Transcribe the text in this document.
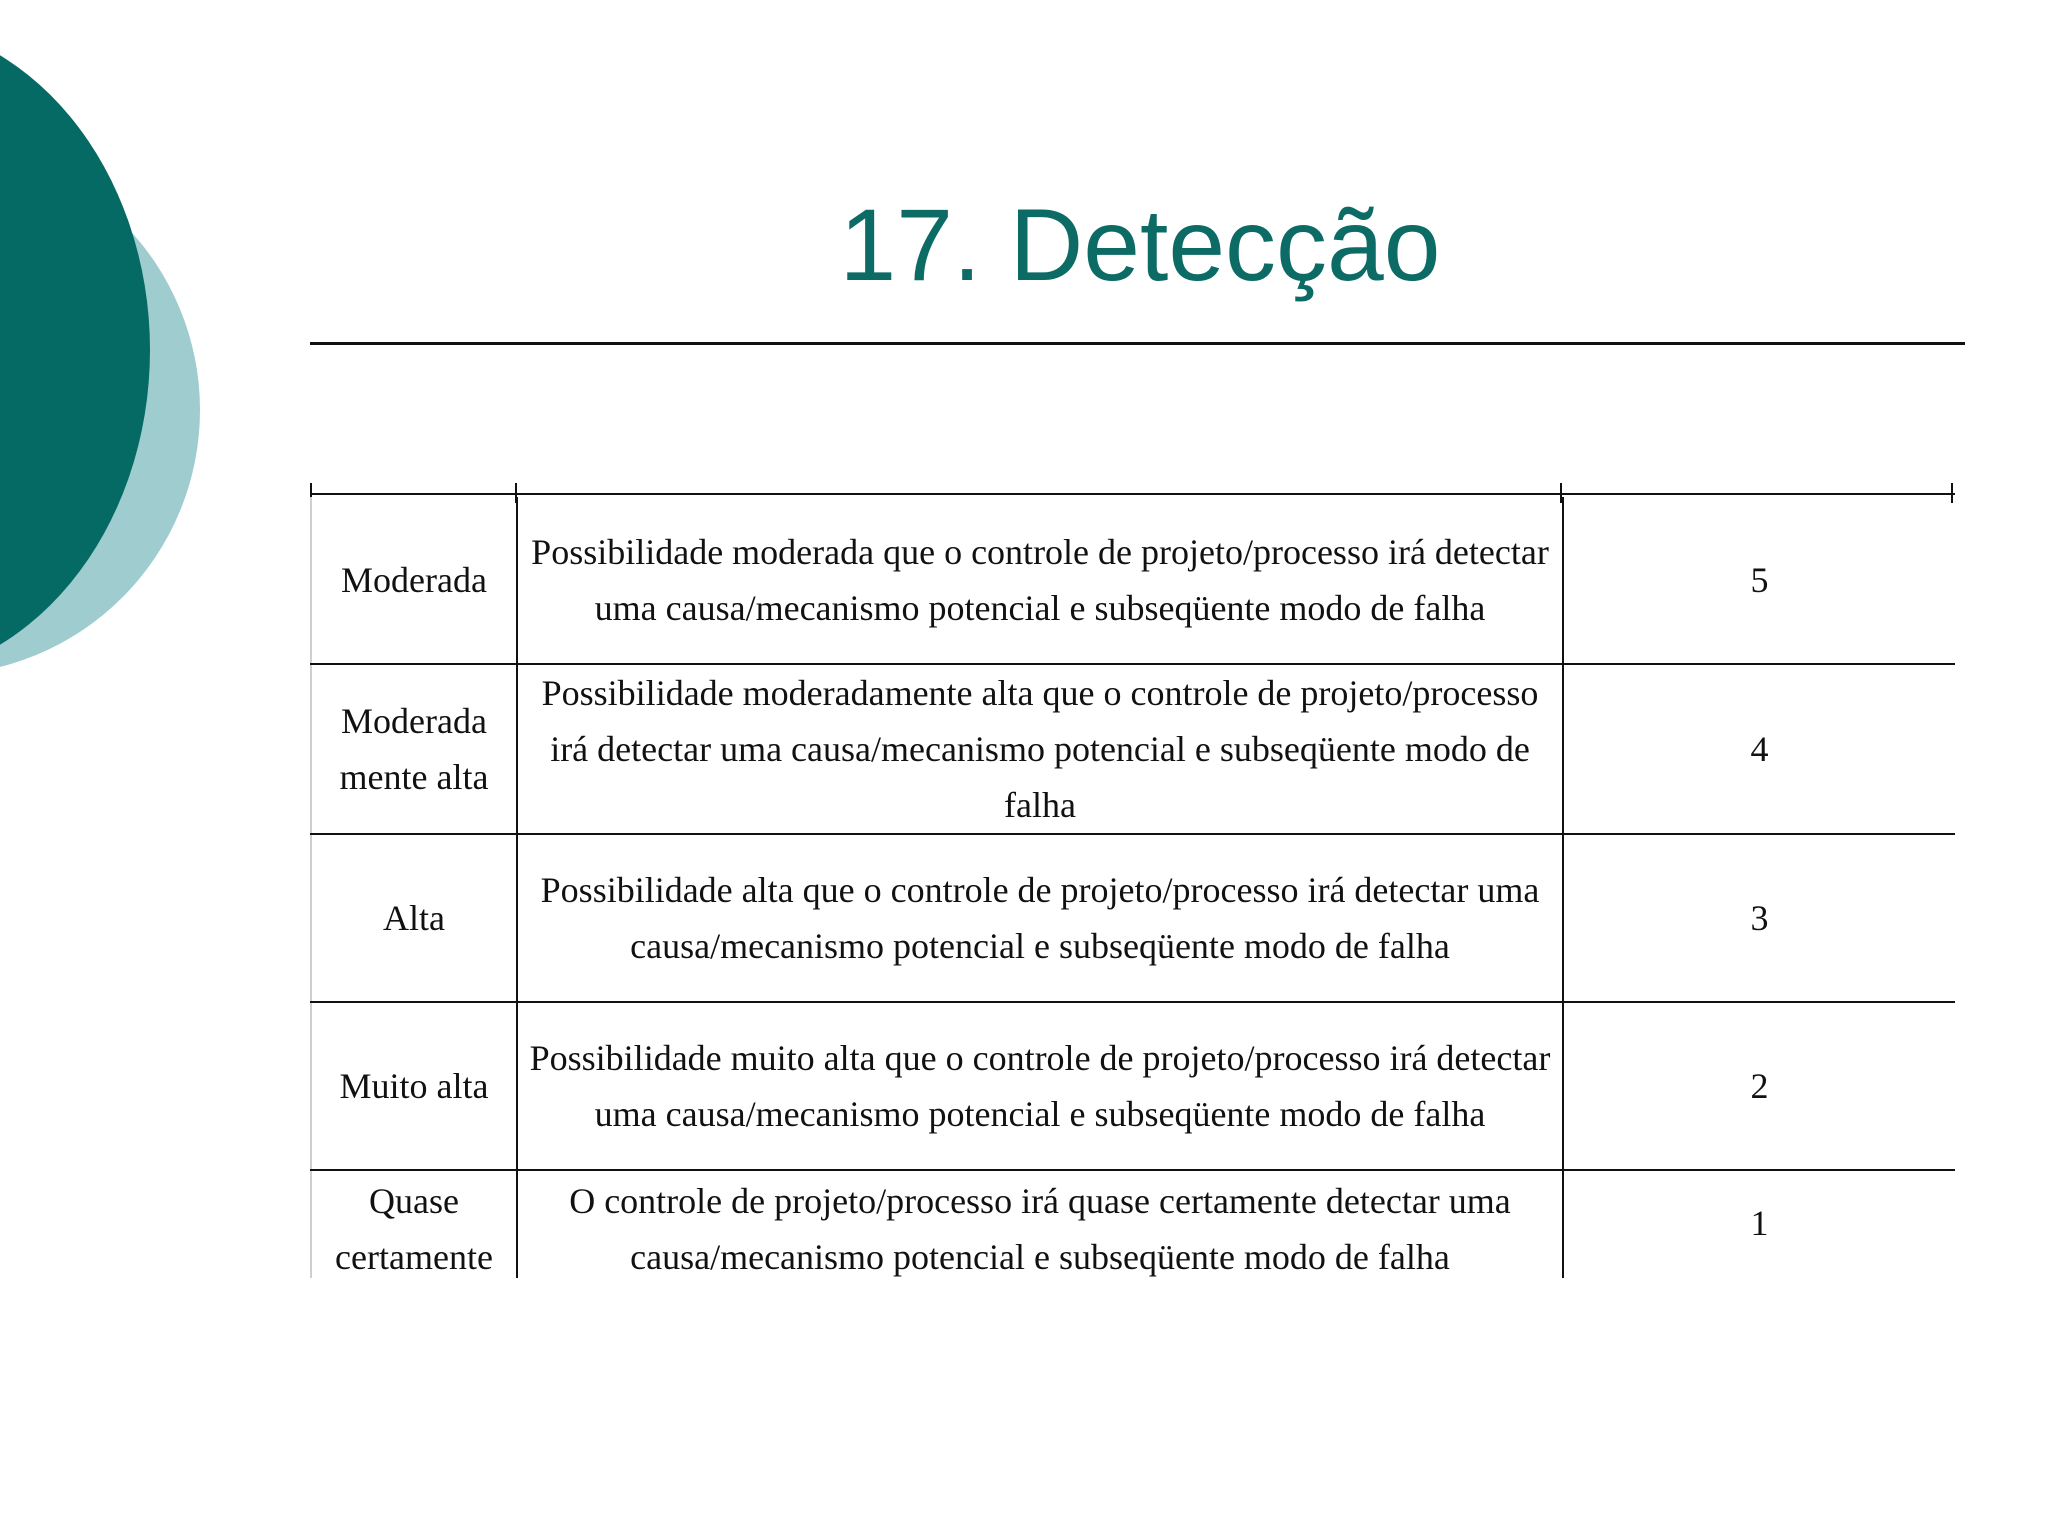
17. Detecção
Moderada	Possibilidade moderada que o controle de projeto/processo irá detectar uma causa/mecanismo potencial e subseqüente modo de falha	5
Moderada mente alta	Possibilidade moderadamente alta que o controle de projeto/processo irá detectar uma causa/mecanismo potencial e subseqüente modo de falha	4
Alta	Possibilidade alta que o controle de projeto/processo irá detectar uma causa/mecanismo potencial e subseqüente modo de falha	3
Muito alta	Possibilidade muito alta que o controle de projeto/processo irá detectar uma causa/mecanismo potencial e subseqüente modo de falha	2
Quase certamente	O controle de projeto/processo irá quase certamente detectar uma causa/mecanismo potencial e subseqüente modo de falha	1
